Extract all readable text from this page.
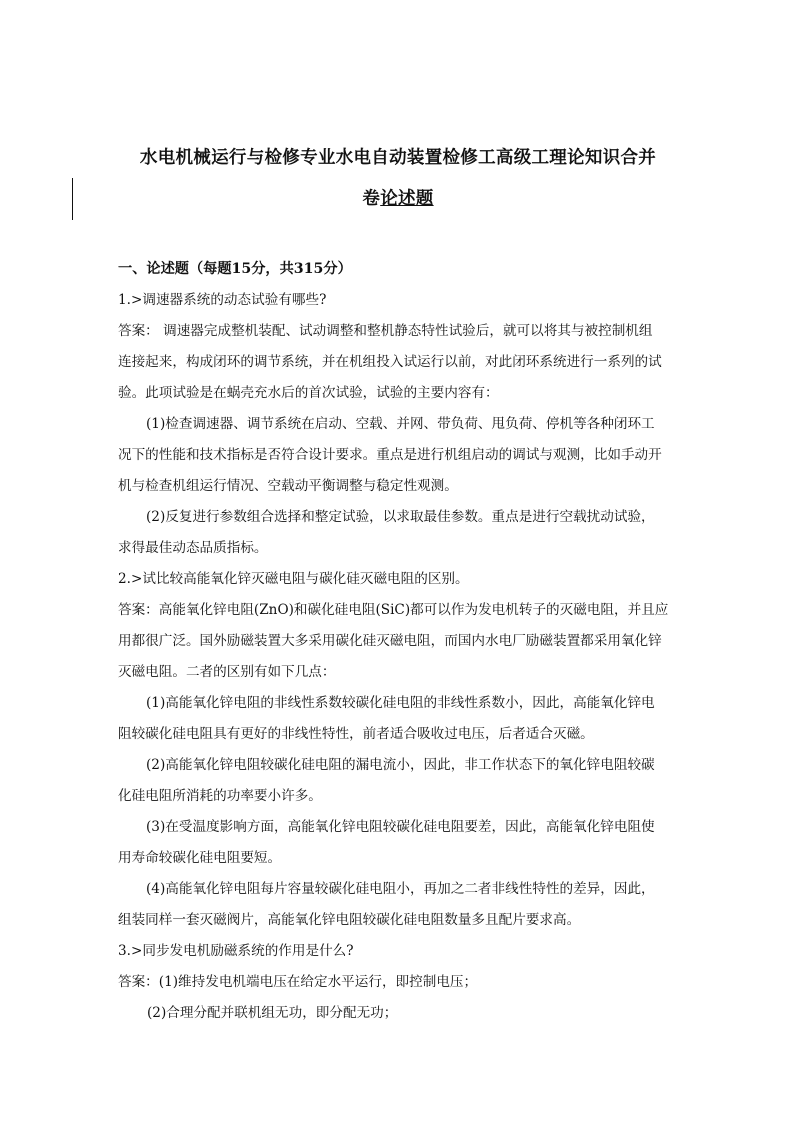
水电机械运行与检修专业水电自动装置检修工高级工理论知识合并
卷论述题
一、论述题（每题15分，共315分）
1.>调速器系统的动态试验有哪些?
答案： 调速器完成整机装配、试动调整和整机静态特性试验后，就可以将其与被控制机组
连接起来，构成闭环的调节系统，并在机组投入试运行以前，对此闭环系统进行一系列的试
验。此项试验是在蜗壳充水后的首次试验，试验的主要内容有：
(1)检查调速器、调节系统在启动、空载、并网、带负荷、甩负荷、停机等各种闭环工
况下的性能和技术指标是否符合设计要求。重点是进行机组启动的调试与观测，比如手动开
机与检查机组运行情况、空载动平衡调整与稳定性观测。
(2)反复进行参数组合选择和整定试验，以求取最佳参数。重点是进行空载扰动试验，
求得最佳动态品质指标。
2.>试比较高能氧化锌灭磁电阻与碳化硅灭磁电阻的区别。
答案：高能氧化锌电阻(ZnO)和碳化硅电阻(SiC)都可以作为发电机转子的灭磁电阻，并且应
用都很广泛。国外励磁装置大多采用碳化硅灭磁电阻，而国内水电厂励磁装置都采用氧化锌
灭磁电阻。二者的区别有如下几点：
(1)高能氧化锌电阻的非线性系数较碳化硅电阻的非线性系数小，因此，高能氧化锌电
阻较碳化硅电阻具有更好的非线性特性，前者适合吸收过电压，后者适合灭磁。
(2)高能氧化锌电阻较碳化硅电阻的漏电流小，因此，非工作状态下的氧化锌电阻较碳
化硅电阻所消耗的功率要小许多。
(3)在受温度影响方面，高能氧化锌电阻较碳化硅电阻要差，因此，高能氧化锌电阻使
用寿命较碳化硅电阻要短。
(4)高能氧化锌电阻每片容量较碳化硅电阻小，再加之二者非线性特性的差异，因此，
组装同样一套灭磁阀片，高能氧化锌电阻较碳化硅电阻数量多且配片要求高。
3.>同步发电机励磁系统的作用是什么?
答案：(1)维持发电机端电压在给定水平运行，即控制电压；
(2)合理分配并联机组无功，即分配无功；
